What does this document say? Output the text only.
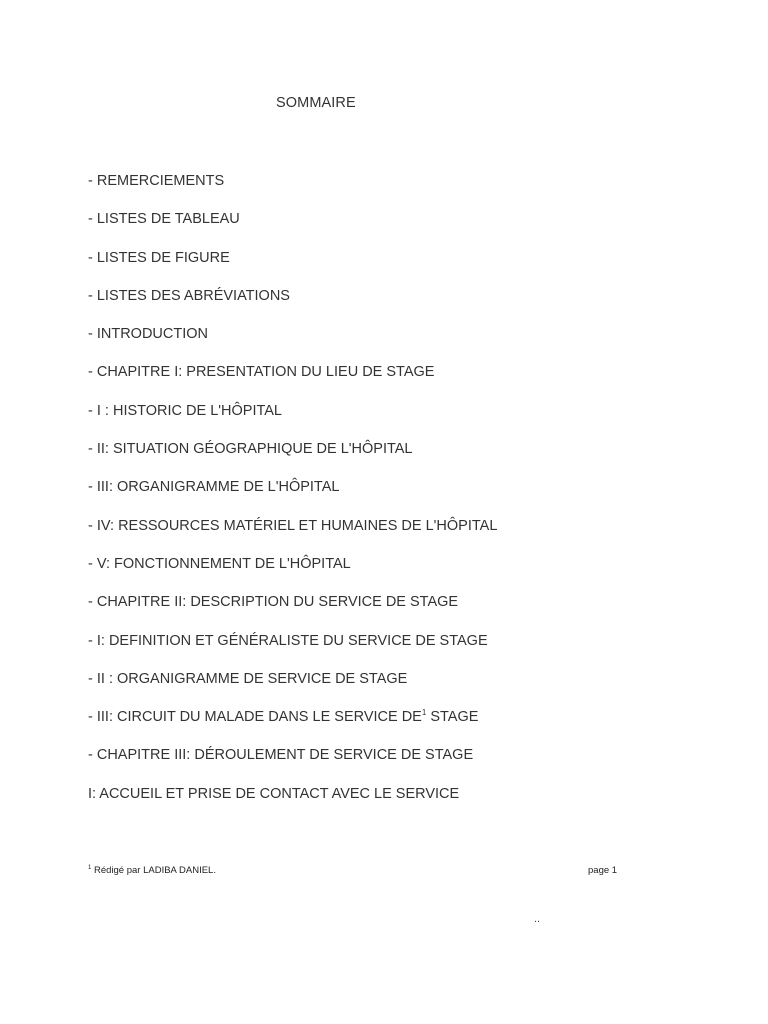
SOMMAIRE
- REMERCIEMENTS
- LISTES DE TABLEAU
- LISTES DE FIGURE
- LISTES DES ABRÉVIATIONS
- INTRODUCTION
- CHAPITRE I: PRESENTATION DU LIEU DE STAGE
- I : HISTORIC DE L'HÔPITAL
- II: SITUATION GÉOGRAPHIQUE DE L'HÔPITAL
- III: ORGANIGRAMME DE L'HÔPITAL
- IV: RESSOURCES MATÉRIEL ET HUMAINES DE L'HÔPITAL
- V: FONCTIONNEMENT DE L'HÔPITAL
- CHAPITRE II: DESCRIPTION DU SERVICE DE STAGE
- I: DEFINITION ET GÉNÉRALISTE DU SERVICE DE STAGE
- II : ORGANIGRAMME DE SERVICE DE STAGE
- III: CIRCUIT DU MALADE DANS LE SERVICE $DE^1$ STAGE
- CHAPITRE III: DÉROULEMENT DE SERVICE DE STAGE
I: ACCUEIL ET PRISE DE CONTACT AVEC LE SERVICE
$^1$ Rédigé par LADIBA DANIEL.	page 1
..
